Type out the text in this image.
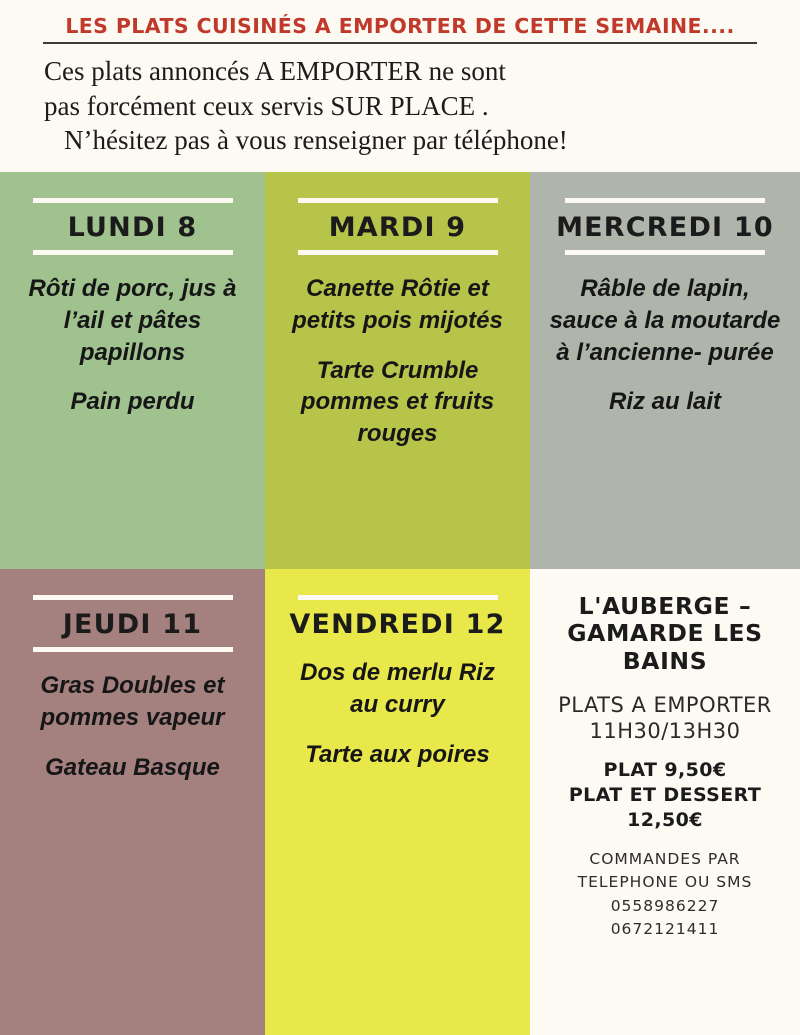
LES PLATS CUISINÉS A EMPORTER DE CETTE SEMAINE....
Ces plats annoncés A EMPORTER ne sont
pas forcément ceux servis SUR PLACE .
N’hésitez pas à vous renseigner par téléphone!
LUNDI 8
Rôti de porc, jus à l’ail et pâtes papillons
Pain perdu
MARDI 9
Canette Rôtie et petits pois mijotés
Tarte Crumble pommes et fruits rouges
MERCREDI 10
Râble de lapin, sauce à la moutarde à l’ancienne- purée
Riz au lait
JEUDI 11
Gras Doubles et pommes vapeur
Gateau Basque
VENDREDI 12
Dos de merlu Riz au curry
Tarte aux poires
L'AUBERGE – GAMARDE LES BAINS
PLATS A EMPORTER
11H30/13H30
PLAT 9,50€
PLAT ET DESSERT 12,50€
COMMANDES PAR TELEPHONE OU SMS
0558986227
0672121411
